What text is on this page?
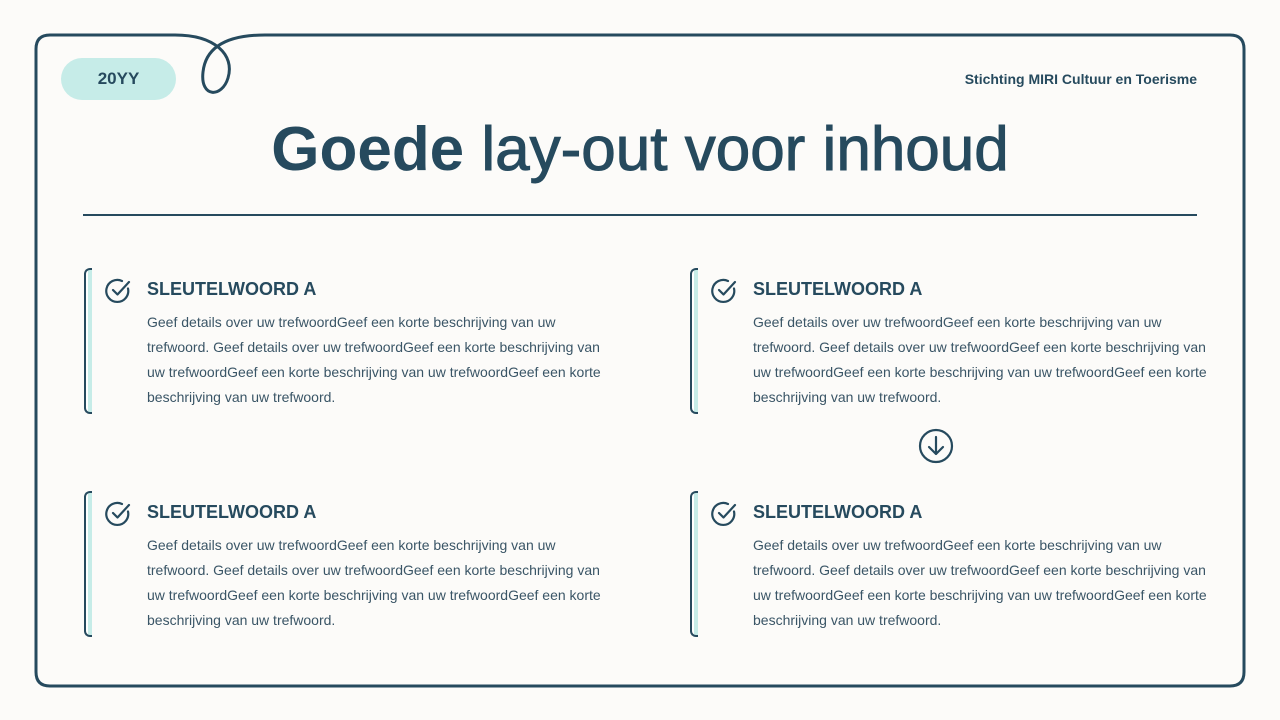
20YY	Stichting MIRI Cultuur en Toerisme
Goede lay-out voor inhoud
SLEUTELWOORD A
Geef details over uw trefwoordGeef een korte beschrijving van uw trefwoord. Geef details over uw trefwoordGeef een korte beschrijving van uw trefwoordGeef een korte beschrijving van uw trefwoordGeef een korte beschrijving van uw trefwoord.
SLEUTELWOORD A
Geef details over uw trefwoordGeef een korte beschrijving van uw trefwoord. Geef details over uw trefwoordGeef een korte beschrijving van uw trefwoordGeef een korte beschrijving van uw trefwoordGeef een korte beschrijving van uw trefwoord.
SLEUTELWOORD A
Geef details over uw trefwoordGeef een korte beschrijving van uw trefwoord. Geef details over uw trefwoordGeef een korte beschrijving van uw trefwoordGeef een korte beschrijving van uw trefwoordGeef een korte beschrijving van uw trefwoord.
SLEUTELWOORD A
Geef details over uw trefwoordGeef een korte beschrijving van uw trefwoord. Geef details over uw trefwoordGeef een korte beschrijving van uw trefwoordGeef een korte beschrijving van uw trefwoordGeef een korte beschrijving van uw trefwoord.
